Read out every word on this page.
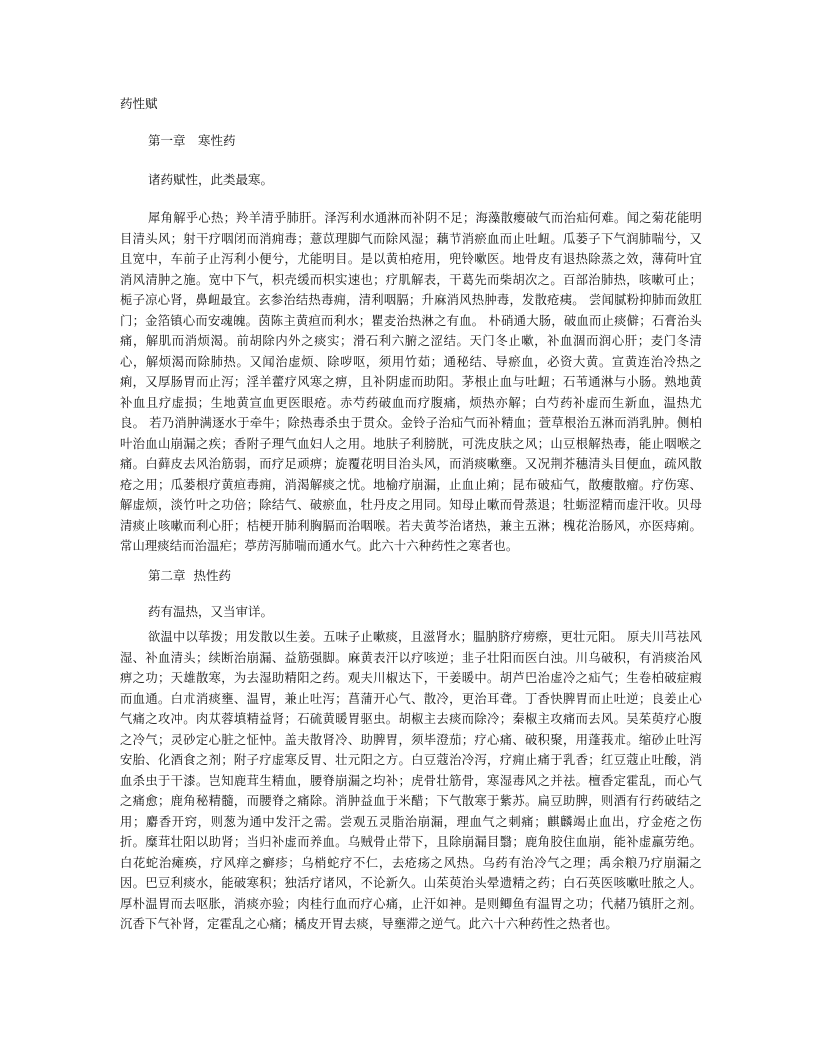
药性赋
第一章　寒性药

诸药赋性，此类最寒。

犀角解乎心热；羚羊清乎肺肝。泽泻利水通淋而补阴不足；海藻散瘿破气而治疝何难。闻之菊花能明目清头风；射干疗咽闭而消痈毒；薏苡理脚气而除风湿；藕节消瘀血而止吐衄。瓜蒌子下气润肺喘兮，又且宽中，车前子止泻利小便兮，尤能明目。是以黄柏疮用，兜铃嗽医。地骨皮有退热除蒸之效，薄荷叶宜消风清肿之施。宽中下气，枳壳缓而枳实速也；疗肌解表，干葛先而柴胡次之。百部治肺热，咳嗽可止；栀子凉心肾，鼻衄最宜。玄参治结热毒痈，清利咽膈；升麻消风热肿毒，发散疮痍。 尝闻腻粉抑肺而敛肛门；金箔镇心而安魂魄。茵陈主黄疸而利水；瞿麦治热淋之有血。 朴硝通大肠，破血而止痰僻；石膏治头痛，解肌而消烦渴。前胡除内外之痰实；滑石利六腑之涩结。天门冬止嗽，补血涸而润心肝；麦门冬清心，解烦渴而除肺热。又闻治虚烦、除哕呕，须用竹茹；通秘结、导瘀血，必资大黄。宣黄连治冷热之痢，又厚肠胃而止泻；淫羊藿疗风寒之痹，且补阴虚而助阳。茅根止血与吐衄；石苇通淋与小肠。熟地黄补血且疗虚损；生地黄宣血更医眼疮。赤芍药破血而疗腹痛，烦热亦解；白芍药补虚而生新血，温热尤良。 若乃消肿满逐水于牵牛；除热毒杀虫于贯众。金铃子治疝气而补精血；萱草根治五淋而消乳肿。侧柏叶治血山崩漏之疾；香附子理气血妇人之用。地肤子利膀胱，可洗皮肤之风；山豆根解热毒，能止咽喉之痛。白藓皮去风治筋弱，而疗足顽痹；旋覆花明目治头风，而消痰嗽壅。又况荆芥穗清头目便血，疏风散疮之用；瓜蒌根疗黄疸毒痈，消渴解痰之忧。地榆疗崩漏，止血止痢；昆布破疝气，散瘿散瘤。疗伤寒、解虚烦，淡竹叶之功倍；除结气、破瘀血，牡丹皮之用同。知母止嗽而骨蒸退；牡蛎涩精而虚汗收。贝母清痰止咳嗽而利心肝；桔梗开肺利胸膈而治咽喉。若夫黄芩治诸热，兼主五淋；槐花治肠风，亦医痔痢。常山理痰结而治温疟；葶苈泻肺喘而通水气。此六十六种药性之寒者也。

第二章  热性药

药有温热，又当审详。

欲温中以荜拨；用发散以生姜。五味子止嗽痰，且滋肾水；腽肭脐疗痨瘵，更壮元阳。 原夫川芎祛风湿、补血清头；续断治崩漏、益筋强脚。麻黄表汗以疗咳逆；韭子壮阳而医白浊。川乌破积，有消痰治风痹之功；天雄散寒，为去湿助精阳之药。观夫川椒达下，干姜暖中。胡芦巴治虚冷之疝气；生卷柏破症瘕而血通。白朮消痰壅、温胃，兼止吐泻；菖蒲开心气、散冷，更治耳聋。丁香快脾胃而止吐逆；良姜止心气痛之攻冲。肉苁蓉填精益肾；石硫黄暖胃驱虫。胡椒主去痰而除冷；秦椒主攻痛而去风。吴茱萸疗心腹之冷气；灵砂定心脏之怔忡。盖夫散肾冷、助脾胃，须毕澄茄；疗心痛、破积聚，用蓬莪朮。缩砂止吐泻安胎、化酒食之剂；附子疗虚寒反胃、壮元阳之方。白豆蔻治冷泻，疗痈止痛于乳香；红豆蔻止吐酸，消血杀虫于干漆。岂知鹿茸生精血，腰脊崩漏之均补；虎骨壮筋骨，寒湿毒风之并祛。檀香定霍乱，而心气之痛愈；鹿角秘精髓，而腰脊之痛除。消肿益血于米醋；下气散寒于紫苏。扁豆助脾，则酒有行药破结之用；麝香开窍，则葱为通中发汗之需。尝观五灵脂治崩漏，理血气之刺痛；麒麟竭止血出，疗金疮之伤折。糜茸壮阳以助肾；当归补虚而养血。乌贼骨止带下，且除崩漏目翳；鹿角胶住血崩，能补虚羸劳绝。白花蛇治瘫痪，疗风痒之癣疹；乌梢蛇疗不仁，去疮疡之风热。乌药有治冷气之理；禹余粮乃疗崩漏之因。巴豆利痰水，能破寒积；独活疗诸风，不论新久。山茱萸治头晕遗精之药；白石英医咳嗽吐脓之人。厚朴温胃而去呕胀，消痰亦验；肉桂行血而疗心痛，止汗如神。是则鲫鱼有温胃之功；代赭乃镇肝之剂。沉香下气补肾，定霍乱之心痛；橘皮开胃去痰，导壅滞之逆气。此六十六种药性之热者也。
